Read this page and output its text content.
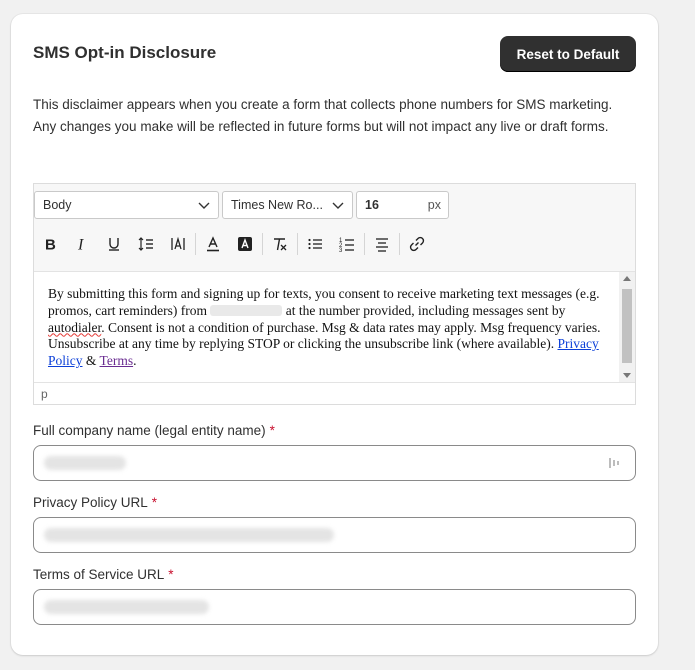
SMS Opt-in Disclosure	Reset to Default
This disclaimer appears when you create a form that collects phone numbers for SMS marketing. Any changes you make will be reflected in future forms but will not impact any live or draft forms.
Body	Times New Ro...	16	px
B I	1
2
3
By submitting this form and signing up for texts, you consent to receive marketing text messages (e.g. promos, cart reminders) from	at the number provided, including messages sent by autodialer. Consent is not a condition of purchase. Msg & data rates may apply. Msg frequency varies. Unsubscribe at any time by replying STOP or clicking the unsubscribe link (where available). Privacy Policy & Terms.
p
Full company name (legal entity name) *
Privacy Policy URL *
Terms of Service URL *
